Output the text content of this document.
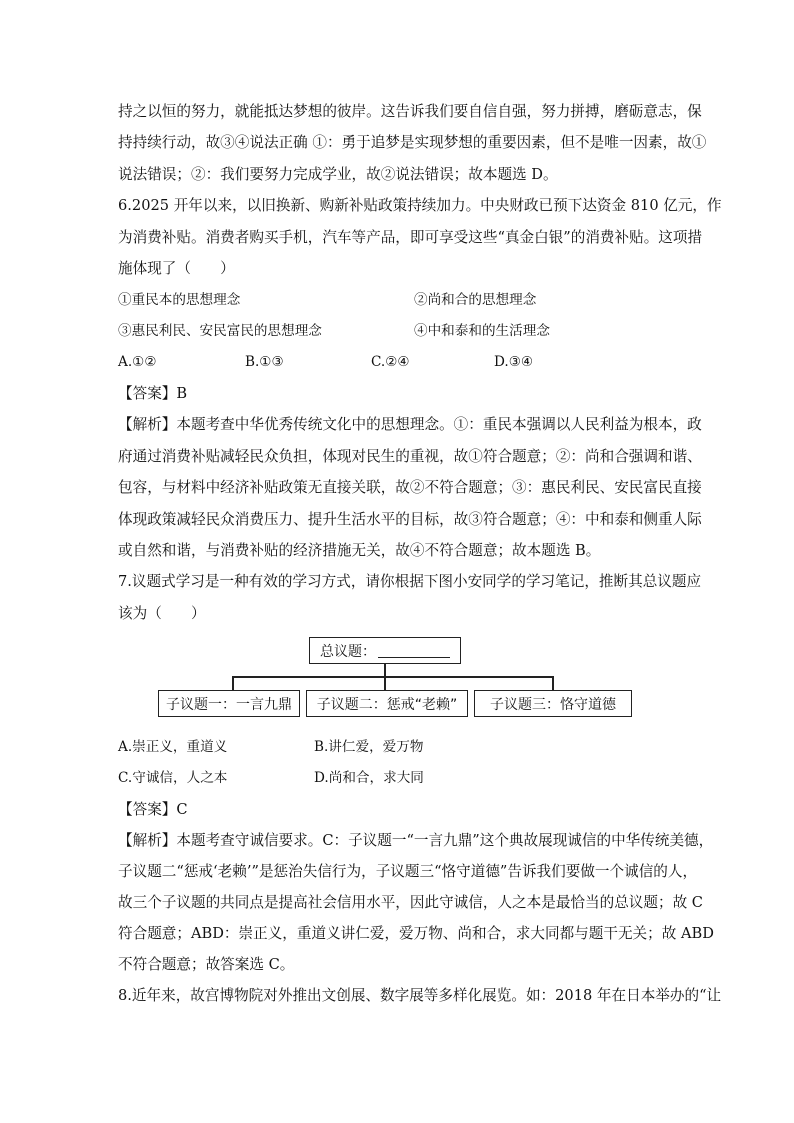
持之以恒的努力，就能抵达梦想的彼岸。这告诉我们要自信自强，努力拼搏，磨砺意志，保
持持续行动，故③④说法正确 ①：勇于追梦是实现梦想的重要因素，但不是唯一因素，故①
说法错误；②：我们要努力完成学业，故②说法错误；故本题选 D。
6.2025 开年以来，以旧换新、购新补贴政策持续加力。中央财政已预下达资金 810 亿元，作
为消费补贴。消费者购买手机，汽车等产品，即可享受这些“真金白银”的消费补贴。这项措
施体现了（　　）
①重民本的思想理念	②尚和合的思想理念
③惠民利民、安民富民的思想理念	④中和泰和的生活理念
A.①②	B.①③	C.②④	D.③④
【答案】B
【解析】本题考查中华优秀传统文化中的思想理念。①：重民本强调以人民利益为根本，政
府通过消费补贴减轻民众负担，体现对民生的重视，故①符合题意；②：尚和合强调和谐、
包容，与材料中经济补贴政策无直接关联，故②不符合题意；③：惠民利民、安民富民直接
体现政策减轻民众消费压力、提升生活水平的目标，故③符合题意；④：中和泰和侧重人际
或自然和谐，与消费补贴的经济措施无关，故④不符合题意；故本题选 B。
7.议题式学习是一种有效的学习方式，请你根据下图小安同学的学习笔记，推断其总议题应
该为（　　）
总议题：
子议题一：一言九鼎 子议题二：惩戒“老赖” 子议题三：恪守道德
A.崇正义，重道义	B.讲仁爱，爱万物
C.守诚信，人之本	D.尚和合，求大同
【答案】C
【解析】本题考查守诚信要求。C：子议题一“一言九鼎”这个典故展现诚信的中华传统美德，
子议题二“惩戒‘老赖’”是惩治失信行为，子议题三“恪守道德”告诉我们要做一个诚信的人，
故三个子议题的共同点是提高社会信用水平，因此守诚信，人之本是最恰当的总议题；故 C
符合题意；ABD：崇正义，重道义讲仁爱，爱万物、尚和合，求大同都与题干无关；故 ABD
不符合题意；故答案选 C。
8.近年来，故宫博物院对外推出文创展、数字展等多样化展览。如：2018 年在日本举办的“让
